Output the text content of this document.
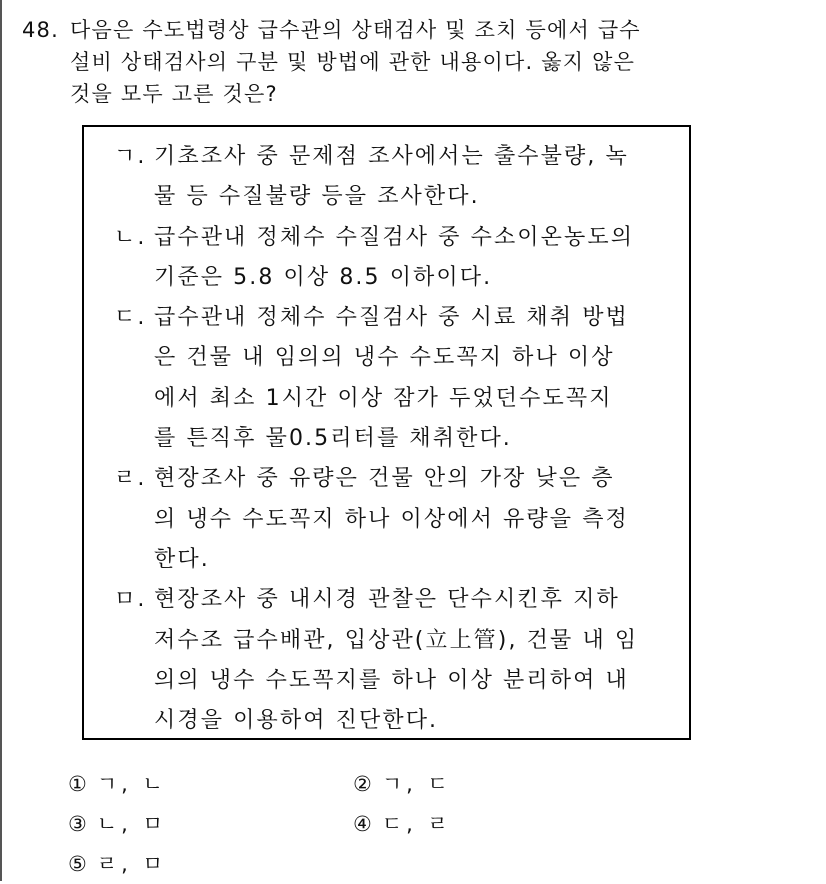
48. 다음은 수도법령상 급수관의 상태검사 및 조치 등에서 급수
설비 상태검사의 구분 및 방법에 관한 내용이다. 옳지 않은
것을 모두 고른 것은?
ㄱ. 기초조사 중 문제점 조사에서는 출수불량, 녹
물 등 수질불량 등을 조사한다.
ㄴ. 급수관내 정체수 수질검사 중 수소이온농도의
기준은 5.8 이상 8.5 이하이다.
ㄷ. 급수관내 정체수 수질검사 중 시료 채취 방법
은 건물 내 임의의 냉수 수도꼭지 하나 이상
에서 최소 1시간 이상 잠가 두었던수도꼭지
를 튼직후 물0.5리터를 채취한다.
ㄹ. 현장조사 중 유량은 건물 안의 가장 낮은 층
의 냉수 수도꼭지 하나 이상에서 유량을 측정
한다.
ㅁ. 현장조사 중 내시경 관찰은 단수시킨후 지하
저수조 급수배관, 입상관(立上管), 건물 내 임
의의 냉수 수도꼭지를 하나 이상 분리하여 내
시경을 이용하여 진단한다.
① ㄱ, ㄴ	② ㄱ, ㄷ
③ ㄴ, ㅁ	④ ㄷ, ㄹ
⑤ ㄹ, ㅁ
